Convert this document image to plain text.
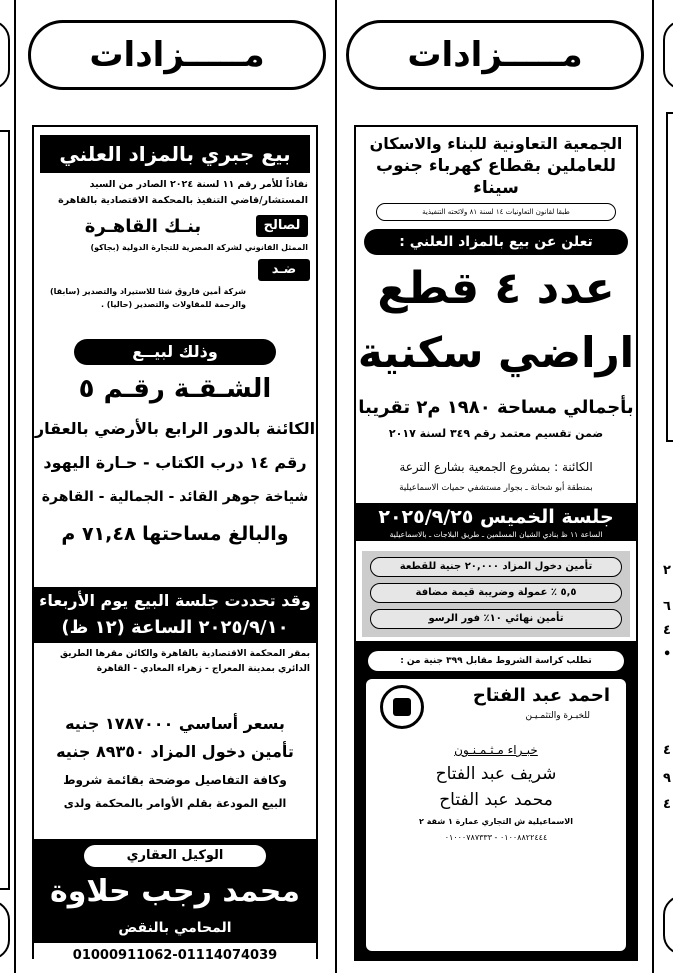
٢
٦
٤
•
٤
٩
٤
مـــــزادات
بيع جبري بالمزاد العلني
نفاذاً للأمر رقم ١١ لسنة ٢٠٢٤ الصادر من السيد المستشار/قاضي التنفيذ بالمحكمة الاقتصادية بالقاهرة
لصالح
بنـك القاهـرة
الممثل القانوني لشركة المصرية للتجارة الدولية (بجاكو)
ضـد
شركة أمين فاروق شثا للاستيراد والتصدير (سابقا) والرحمة للمقاولات والتصدير (حاليا) .
وذلك لبيــع
الشـقـة رقـم ٥
الكائنة بالدور الرابع بالأرضي بالعقار
رقم ١٤ درب الكتاب - حـارة اليهود
شياخة جوهر القائد - الجمالية - القاهرة
والبالغ مساحتها ٧١,٤٨ م
وقد تحددت جلسة البيع يوم الأربعاء
٢٠٢٥/٩/١٠ الساعة (١٢ ظ)
بمقر المحكمة الاقتصادية بالقاهرة والكائن مقرها الطريق الدائري بمدينة المعراج - زهراء المعادي - القاهرة
بسعر أساسي ١٧٨٧٠٠٠ جنيه
تأمين دخول المزاد ٨٩٣٥٠ جنيه
وكافة التفاصيل موضحة بقائمة شروط
البيع المودعة بقلم الأوامر بالمحكمة ولدى
الوكيل العقاري
محمد رجب حلاوة
المحامي بالنقض
01000911062-01114074039
مـــــزادات
الجمعية التعاونية للبناء والاسكان
للعاملين بقطاع كهرباء جنوب سيناء
طبقا لقانون التعاونيات ١٤ لسنة ٨١ ولائحته التنفيذية
تعلن عن بيع بالمزاد العلني :
عدد ٤ قطع
اراضي سكنية
بأجمالي مساحة ١٩٨٠ م٢ تقريبا
ضمن تقسيم معتمد رقم ٣٤٩ لسنة ٢٠١٧
الكائنة : بمشروع الجمعية بشارع الترعة
بمنطقة أبو شحاتة ـ بجوار مستشفي حميات الاسماعيلية
جلسة الخميس ٢٠٢٥/٩/٢٥
الساعة ١١ ظ بنادي الشبان المسلمين ـ طريق البلاجات ـ بالاسماعيلية
تأمين دخول المزاد ٢٠,٠٠٠ جنية للقطعة
٥,٥ ٪ عمولة وضريبة قيمة مضافة
تأمين نهائي ١٠٪ فور الرسو
تطلب كراسة الشروط مقابل ٣٩٩ جنية من :
احمد عبد الفتاح
للخبـرة والتثمـيـن
خبـراء مـثـمـنـون
شريف عبد الفتاح
محمد عبد الفتاح
الاسماعيلية ش التجاري عمارة ١ شقة ٢
٠١٠٠٨٨٢٢٤٤٤ - ٠١٠٠٠٧٨٧٣٣٣
